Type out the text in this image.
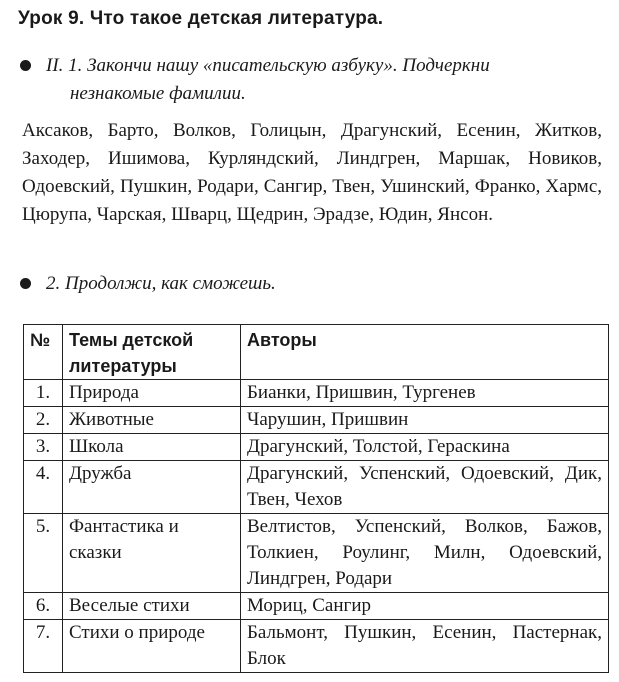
Урок 9. Что такое детская литература.
II. 1. Закончи нашу «писательскую азбуку». Подчеркни
незнакомые фамилии.
Аксаков, Барто, Волков, Голицын, Драгунский, Есенин, Житков, Заходер, Ишимова, Курляндский, Линдгрен, Маршак, Новиков, Одоевский, Пушкин, Родари, Сангир, Твен, Ушинский, Франко, Хармс, Цюрупа, Чарская, Шварц, Щедрин, Эрадзе, Юдин, Янсон.
2. Продолжи, как сможешь.
№	Темы детской литературы	Авторы
1.	Природа	Бианки, Пришвин, Тургенев
2.	Животные	Чарушин, Пришвин
3.	Школа	Драгунский, Толстой, Гераскина
4.	Дружба	Драгунский, Успенский, Одоевский, Дик, Твен, Чехов
5.	Фантастика и сказки	Велтистов, Успенский, Волков, Бажов, Толкиен, Роулинг, Милн, Одоевский, Линдгрен, Родари
6.	Веселые стихи	Мориц, Сангир
7.	Стихи о природе	Бальмонт, Пушкин, Есенин, Пастернак, Блок
